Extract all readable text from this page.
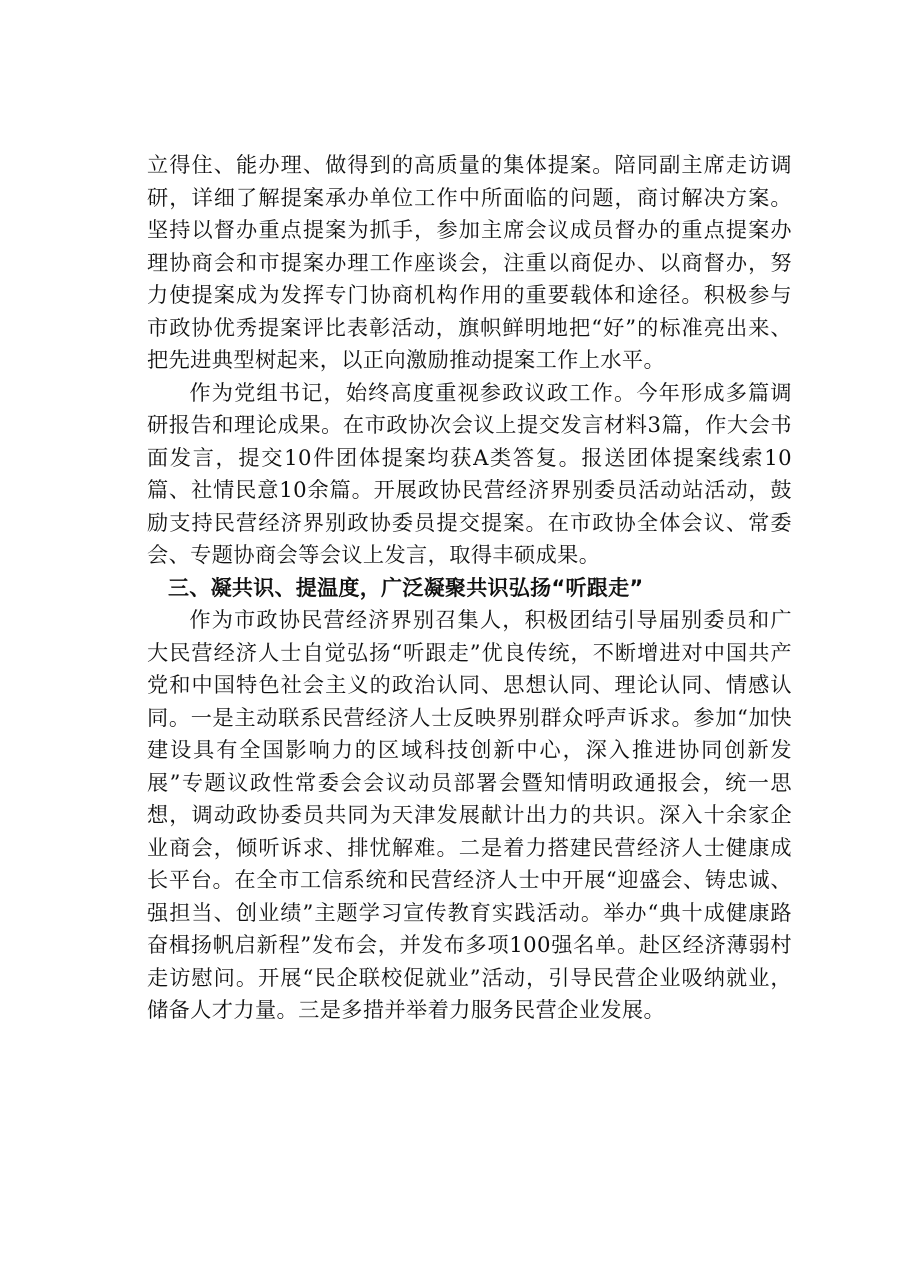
立得住、能办理、做得到的高质量的集体提案。陪同副主席走访调研，详细了解提案承办单位工作中所面临的问题，商讨解决方案。坚持以督办重点提案为抓手，参加主席会议成员督办的重点提案办理协商会和市提案办理工作座谈会，注重以商促办、以商督办，努力使提案成为发挥专门协商机构作用的重要载体和途径。积极参与市政协优秀提案评比表彰活动，旗帜鲜明地把“好”的标准亮出来、把先进典型树起来，以正向激励推动提案工作上水平。

作为党组书记，始终高度重视参政议政工作。今年形成多篇调研报告和理论成果。在市政协次会议上提交发言材料3篇，作大会书面发言，提交10件团体提案均获A类答复。报送团体提案线索10篇、社情民意10余篇。开展政协民营经济界别委员活动站活动，鼓励支持民营经济界别政协委员提交提案。在市政协全体会议、常委会、专题协商会等会议上发言，取得丰硕成果。

三、凝共识、提温度，广泛凝聚共识弘扬“听跟走”

作为市政协民营经济界别召集人，积极团结引导届别委员和广大民营经济人士自觉弘扬“听跟走”优良传统，不断增进对中国共产党和中国特色社会主义的政治认同、思想认同、理论认同、情感认同。一是主动联系民营经济人士反映界别群众呼声诉求。参加“加快建设具有全国影响力的区域科技创新中心，深入推进协同创新发展”专题议政性常委会会议动员部署会暨知情明政通报会，统一思想，调动政协委员共同为天津发展献计出力的共识。深入十余家企业商会，倾听诉求、排忧解难。二是着力搭建民营经济人士健康成长平台。在全市工信系统和民营经济人士中开展“迎盛会、铸忠诚、强担当、创业绩”主题学习宣传教育实践活动。举办“典十成健康路奋楫扬帆启新程”发布会，并发布多项100强名单。赴区经济薄弱村走访慰问。开展“民企联校促就业”活动，引导民营企业吸纳就业，储备人才力量。三是多措并举着力服务民营企业发展。
